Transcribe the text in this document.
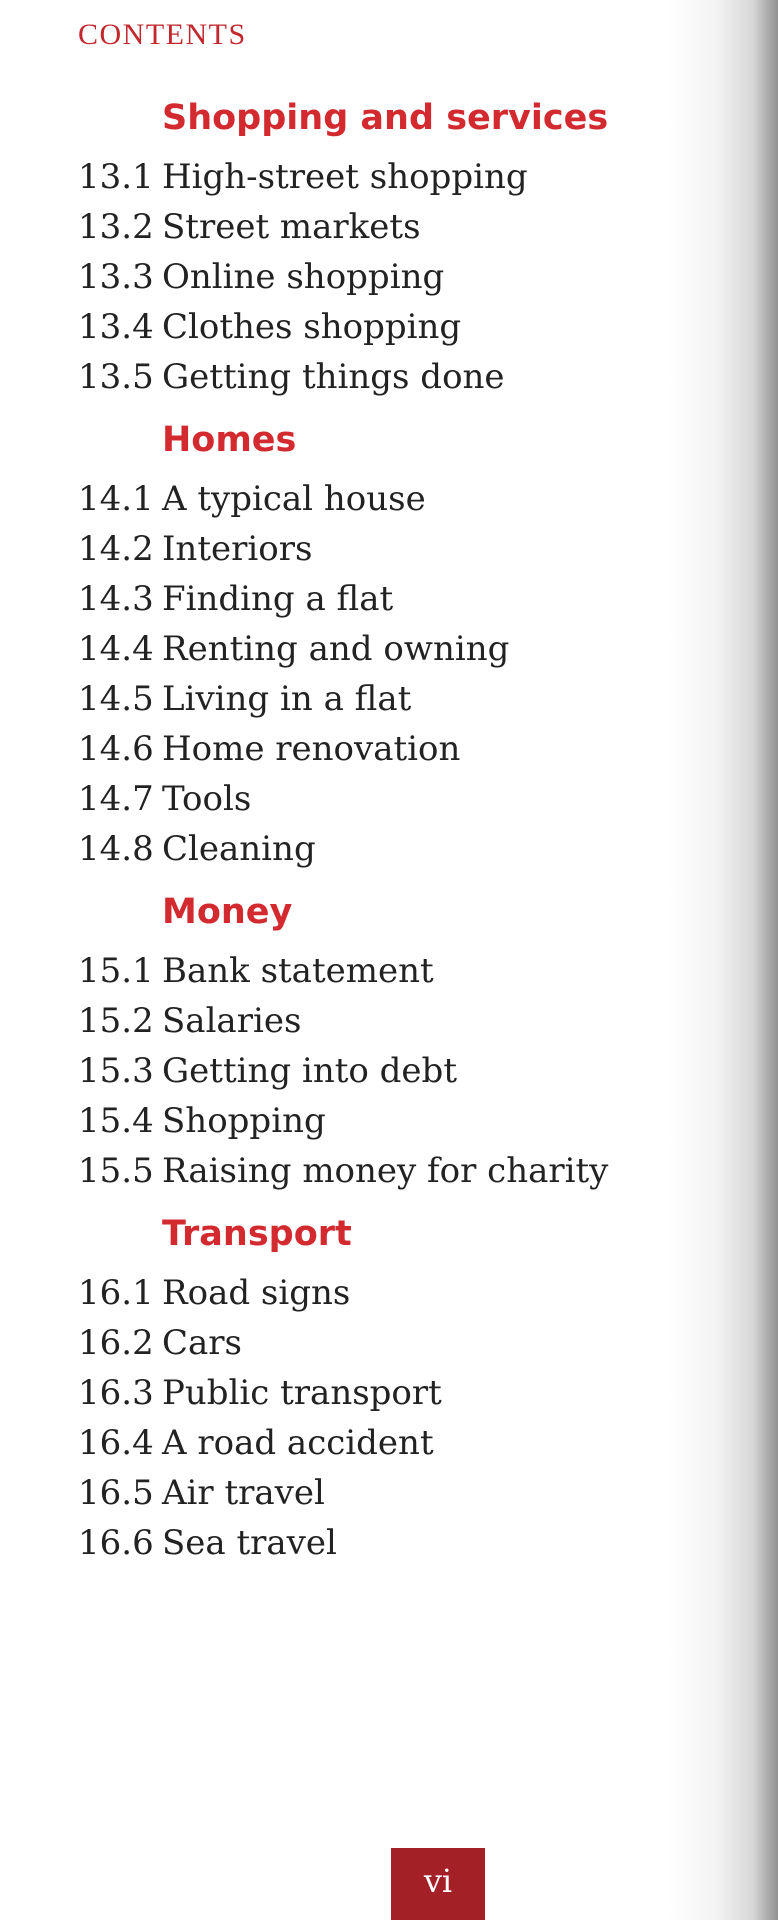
CONTENTS
Shopping and services
13.1 High-street shopping
13.2 Street markets
13.3 Online shopping
13.4 Clothes shopping
13.5 Getting things done
Homes
14.1 A typical house
14.2 Interiors
14.3 Finding a flat
14.4 Renting and owning
14.5 Living in a flat
14.6 Home renovation
14.7 Tools
14.8 Cleaning
Money
15.1 Bank statement
15.2 Salaries
15.3 Getting into debt
15.4 Shopping
15.5 Raising money for charity
Transport
16.1 Road signs
16.2 Cars
16.3 Public transport
16.4 A road accident
16.5 Air travel
16.6 Sea travel
vi
